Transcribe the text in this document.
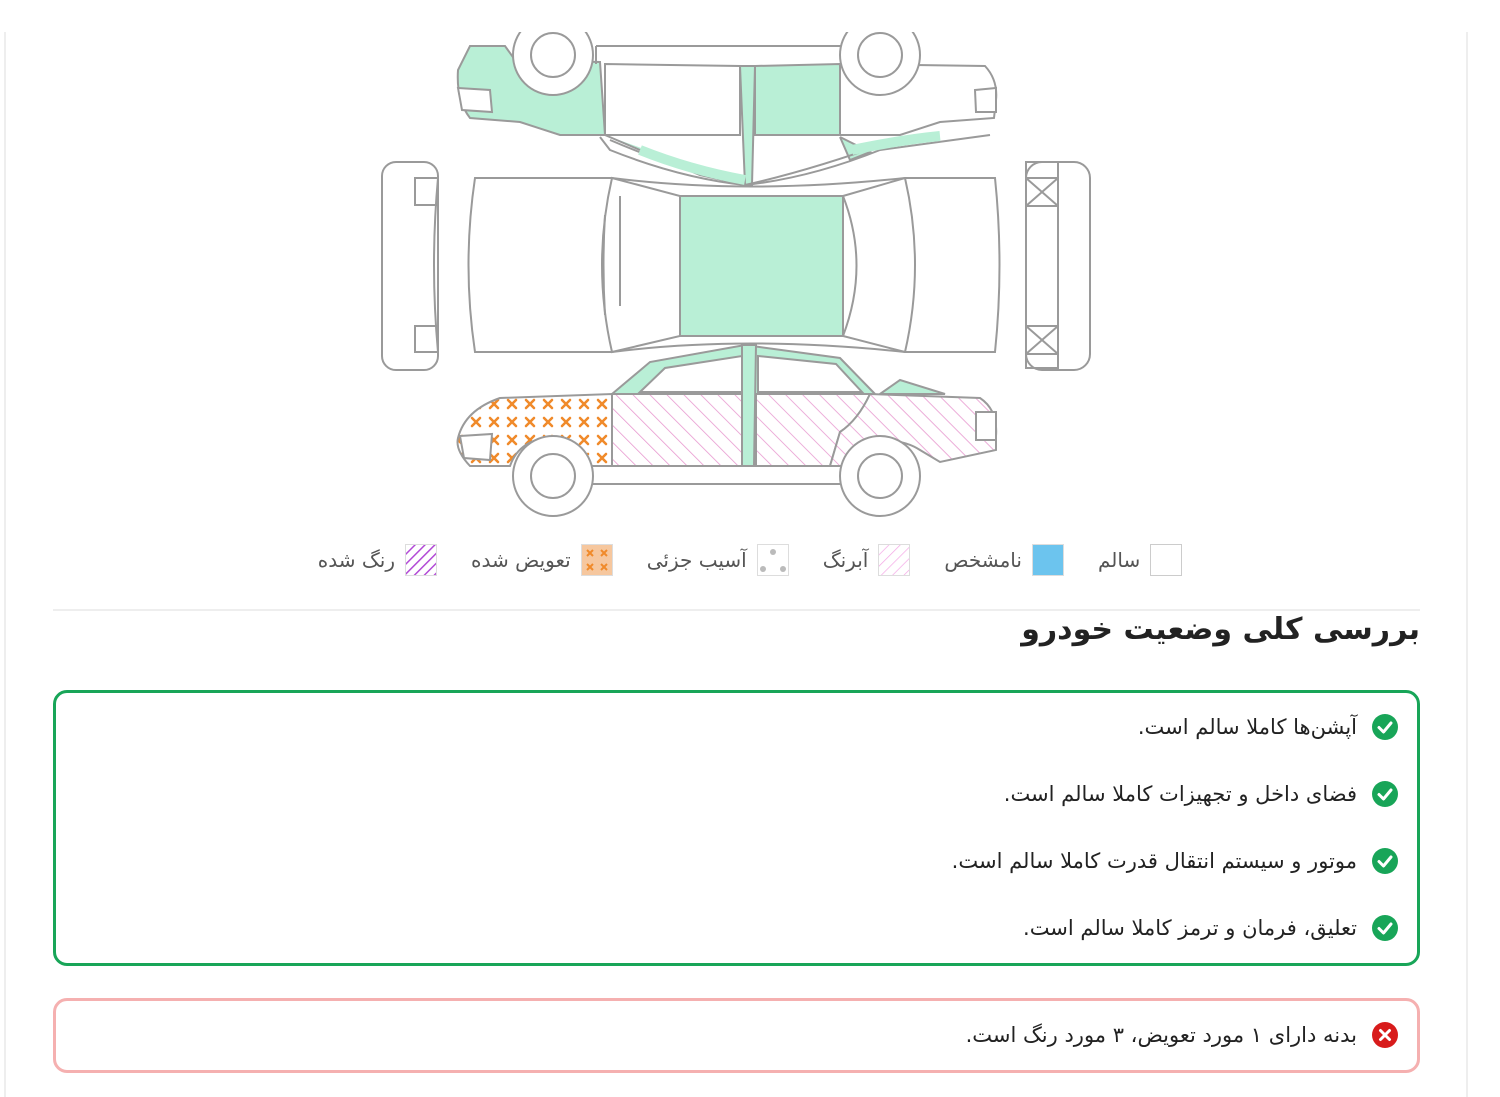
رنگ شده	تعویض شده	آسیب جزئی	آبرنگ	نامشخص	سالم
بررسی کلی وضعیت خودرو
آپشن‌ها کاملا سالم است.
فضای داخل و تجهیزات کاملا سالم است.
موتور و سیستم انتقال قدرت کاملا سالم است.
تعلیق، فرمان و ترمز کاملا سالم است.
بدنه دارای ۱ مورد تعویض، ۳ مورد رنگ است.
